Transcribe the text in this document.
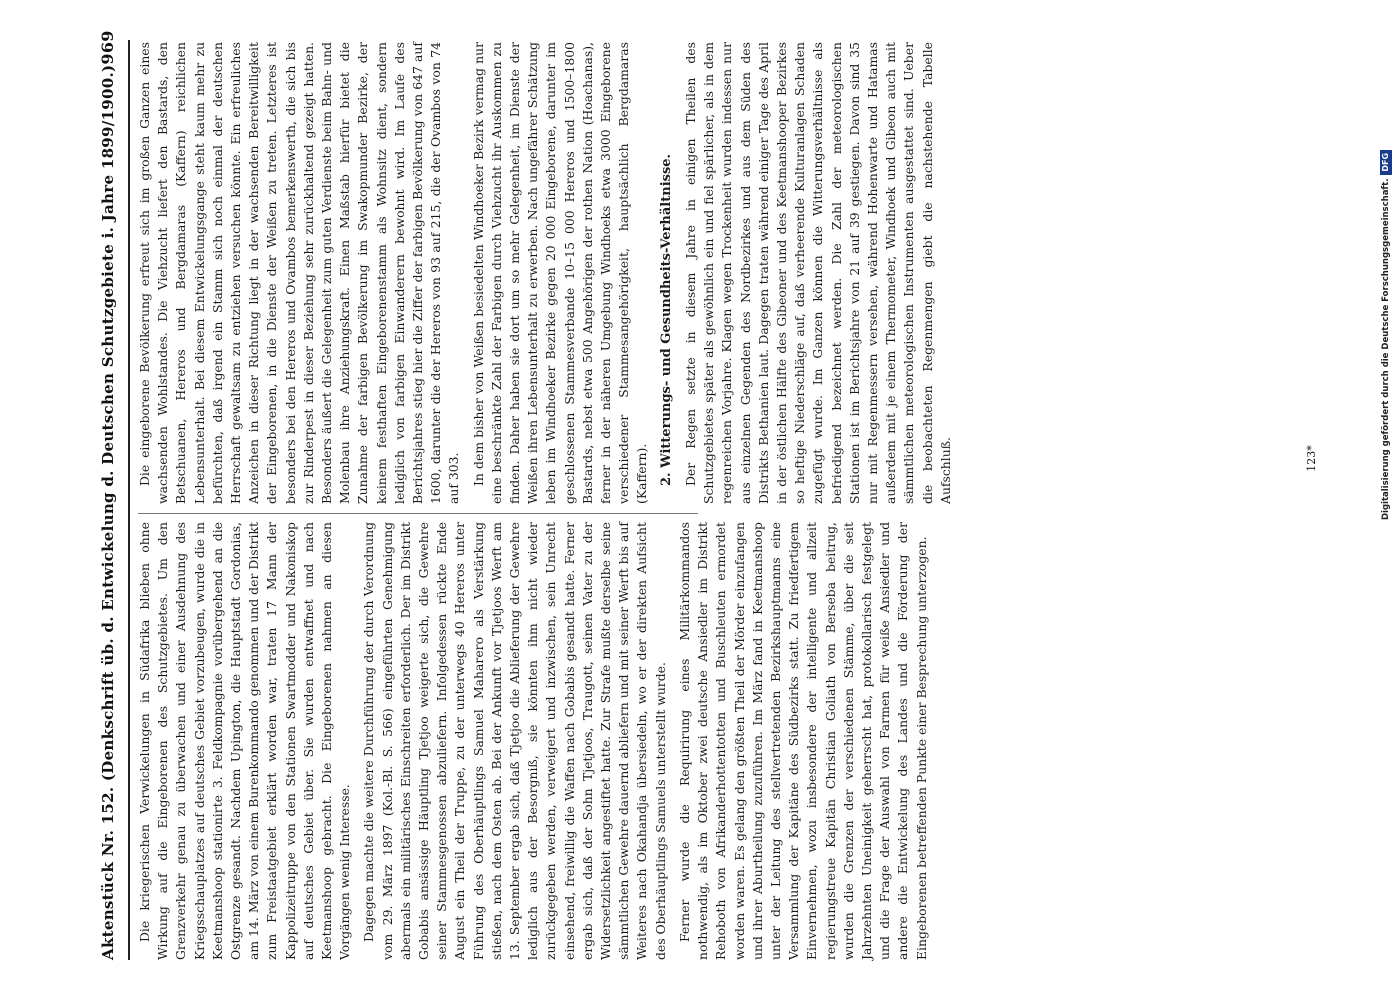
Aktenstück Nr. 152. (Denkschrift üb. d. Entwickelung d. Deutschen Schutzgebiete i. Jahre 1899/1900.)
969

Die kriegerischen Verwickelungen in Südafrika blieben ohne Wirkung auf die Eingeborenen des Schutzgebietes. Um den Grenzverkehr genau zu überwachen und einer Ausdehnung des Kriegsschauplatzes auf deutsches Gebiet vorzubeugen, wurde die in Keetmanshoop stationirte 3. Feldkompagnie vorübergehend an die Ostgrenze gesandt. Nachdem Upington, die Hauptstadt Gordonias, am 14. März von einem Burenkommando genommen und der Distrikt zum Freistaatgebiet erklärt worden war, traten 17 Mann der Kappolizeitruppe von den Stationen Swartmodder und Nakoniskop auf deutsches Gebiet über. Sie wurden entwaffnet und nach Keetmanshoop gebracht. Die Eingeborenen nahmen an diesen Vorgängen wenig Interesse. Dagegen machte die weitere Durchführung der durch Verordnung vom 29. März 1897 (Kol.-Bl. S. 566) eingeführten Genehmigung abermals ein militärisches Einschreiten erforderlich. Der im Distrikt Gobabis ansässige Häuptling Tjetjoo weigerte sich, die Gewehre seiner Stammesgenossen abzuliefern. Infolgedessen rückte Ende August ein Theil der Truppe, zu der unterwegs 40 Hereros unter Führung des Oberhäuptlings Samuel Maharero als Verstärkung stießen, nach dem Osten ab. Bei der Ankunft vor Tjetjoos Werft am 13. September ergab sich, daß Tjetjoo die Ablieferung der Gewehre lediglich aus der Besorgniß, sie könnten ihm nicht wieder zurückgegeben werden, verweigert und inzwischen, sein Unrecht einsehend, freiwillig die Waffen nach Gobabis gesandt hatte. Ferner ergab sich, daß der Sohn Tjetjoos, Traugott, seinen Vater zu der Widersetzlichkeit angestiftet hatte. Zur Strafe mußte derselbe seine sämmtlichen Gewehre dauernd abliefern und mit seiner Werft bis auf Weiteres nach Okahandja übersiedeln, wo er der direkten Aufsicht des Oberhäuptlings Samuels unterstellt wurde. Ferner wurde die Requirirung eines Militärkommandos nothwendig, als im Oktober zwei deutsche Ansiedler im Distrikt Rehoboth von Afrikanderhottentotten und Buschleuten ermordet worden waren. Es gelang den größten Theil der Mörder einzufangen und ihrer Aburtheilung zuzuführen. Im März fand in Keetmanshoop unter der Leitung des stellvertretenden Bezirkshauptmanns eine Versammlung der Kapitäne des Südbezirks statt. Zu friedfertigem Einvernehmen, wozu insbesondere der intelligente und allzeit regierungstreue Kapitän Christian Goliath von Berseba beitrug, wurden die Grenzen der verschiedenen Stämme, über die seit Jahrzehnten Uneinigkeit geherrscht hat, protokollarisch festgelegt und die Frage der Auswahl von Farmen für weiße Ansiedler und andere die Entwickelung des Landes und die Förderung der Eingeborenen betreffenden Punkte einer Besprechung unterzogen.

Die eingeborene Bevölkerung erfreut sich im großen Ganzen eines wachsenden Wohlstandes. Die Viehzucht liefert den Bastards, den Betschuanen, Hereros und Bergdamaras (Kaffern) reichlichen Lebensunterhalt. Bei diesem Entwickelungsgange steht kaum mehr zu befürchten, daß irgend ein Stamm sich noch einmal der deutschen Herrschaft gewaltsam zu entziehen versuchen könnte. Ein erfreuliches Anzeichen in dieser Richtung liegt in der wachsenden Bereitwilligkeit der Eingeborenen, in die Dienste der Weißen zu treten. Letzteres ist besonders bei den Hereros und Ovambos bemerkenswerth, die sich bis zur Rinderpest in dieser Beziehung sehr zurückhaltend gezeigt hatten. Besonders äußert die Gelegenheit zum guten Verdienste beim Bahn- und Molenbau ihre Anziehungskraft. Einen Maßstab hierfür bietet die Zunahme der farbigen Bevölkerung im Swakopmunder Bezirke, der keinem festhaften Eingeborenenstamm als Wohnsitz dient, sondern lediglich von farbigen Einwanderern bewohnt wird. Im Laufe des Berichtsjahres stieg hier die Ziffer der farbigen Bevölkerung von 647 auf 1600, darunter die der Hereros von 93 auf 215, die der Ovambos von 74 auf 303. In dem bisher von Weißen besiedelten Windhoeker Bezirk vermag nur eine beschränkte Zahl der Farbigen durch Viehzucht ihr Auskommen zu finden. Daher haben sie dort um so mehr Gelegenheit, im Dienste der Weißen ihren Lebensunterhalt zu erwerben. Nach ungefährer Schätzung leben im Windhoeker Bezirke gegen 20 000 Eingeborene, darunter im geschlossenen Stammesverbande 10–15 000 Hereros und 1500–1800 Bastards, nebst etwa 500 Angehörigen der rothen Nation (Hoachanas), ferner in der näheren Umgebung Windhoeks etwa 3000 Eingeborene verschiedener Stammesangehörigkeit, hauptsächlich Bergdamaras (Kaffern). 2. Witterungs- und Gesundheits-Verhältnisse. Der Regen setzte in diesem Jahre in einigen Theilen des Schutzgebietes später als gewöhnlich ein und fiel spärlicher, als in dem regenreichen Vorjahre. Klagen wegen Trockenheit wurden indessen nur aus einzelnen Gegenden des Nordbezirkes und aus dem Süden des Distrikts Bethanien laut. Dagegen traten während einiger Tage des April in der östlichen Hälfte des Gibeoner und des Keetmanshooper Bezirkes so heftige Niederschläge auf, daß verheerende Kulturanlagen Schaden zugefügt wurde. Im Ganzen können die Witterungsverhältnisse als befriedigend bezeichnet werden. Die Zahl der meteorologischen Stationen ist im Berichtsjahre von 21 auf 39 gestiegen. Davon sind 35 nur mit Regenmessern versehen, während Hohenwarte und Hatamas außerdem mit je einem Thermometer, Windhoek und Gibeon auch mit sämmtlichen meteorologischen Instrumenten ausgestattet sind. Ueber die beobachteten Regenmengen giebt die nachstehende Tabelle Aufschluß.	123*	Digitalisierung gefördert durch die Deutsche Forschungsgemeinschaft.
DFG
